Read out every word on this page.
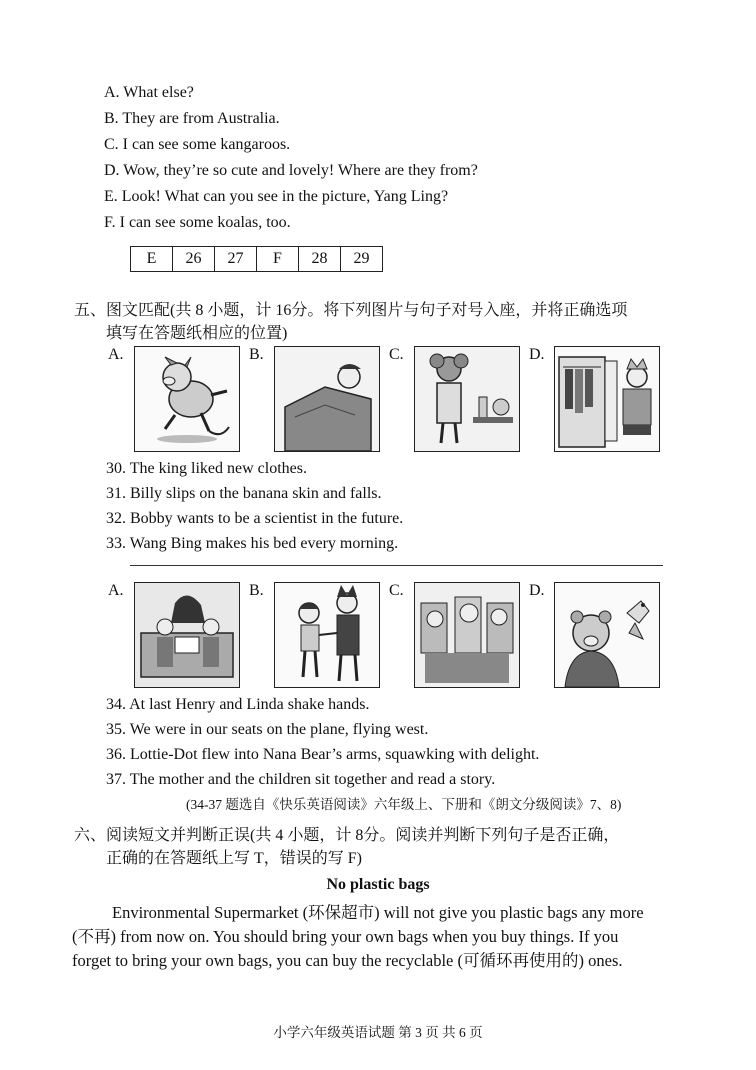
A. What else?
B. They are from Australia.
C. I can see some kangaroos.
D. Wow, they’re so cute and lovely! Where are they from?
E. Look! What can you see in the picture, Yang Ling?
F. I can see some koalas, too.
E	26	27	F	28	29
五、图文匹配(共 8 小题，计 16分。将下列图片与句子对号入座，并将正确选项
填写在答题纸相应的位置)
A.	B.	C.	D.
30. The king liked new clothes.
31. Billy slips on the banana skin and falls.
32. Bobby wants to be a scientist in the future.
33. Wang Bing makes his bed every morning.
A.	B.	C.	D.
34. At last Henry and Linda shake hands.
35. We were in our seats on the plane, flying west.
36. Lottie-Dot flew into Nana Bear’s arms, squawking with delight.
37. The mother and the children sit together and read a story.
(34-37 题选自《快乐英语阅读》六年级上、下册和《朗文分级阅读》7、8)
六、阅读短文并判断正误(共 4 小题，计 8分。阅读并判断下列句子是否正确，
正确的在答题纸上写 T，错误的写 F)
No plastic bags
Environmental Supermarket (环保超市) will not give you plastic bags any more
(不再) from now on. You should bring your own bags when you buy things. If you
forget to bring your own bags, you can buy the recyclable (可循环再使用的) ones.
小学六年级英语试题 第 3 页 共 6 页
